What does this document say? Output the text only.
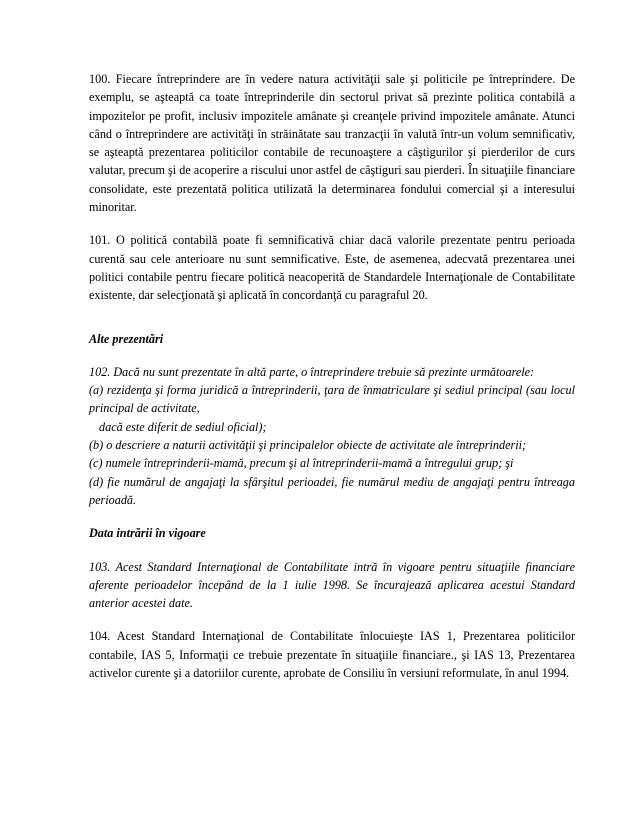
100. Fiecare întreprindere are în vedere natura activităţii sale şi politicile pe întreprindere. De exemplu, se aşteaptă ca toate întreprinderile din sectorul privat să prezinte politica contabilă a impozitelor pe profit, inclusiv impozitele amânate şi creanţele privind impozitele amânate. Atunci când o întreprindere are activităţi în străinătate sau tranzacţii în valută într-un volum semnificativ, se aşteaptă prezentarea politicilor contabile de recunoaştere a câştigurilor şi pierderilor de curs valutar, precum şi de acoperire a riscului unor astfel de câştiguri sau pierderi. În situaţiile financiare consolidate, este prezentată politica utilizată la determinarea fondului comercial şi a interesului minoritar.

101. O politică contabilă poate fi semnificativă chiar dacă valorile prezentate pentru perioada curentă sau cele anterioare nu sunt semnificative. Este, de asemenea, adecvată prezentarea unei politici contabile pentru fiecare politică neacoperită de Standardele Internaţionale de Contabilitate existente, dar selecţionată şi aplicată în concordanţă cu paragraful 20.

Alte prezentări

102. Dacă nu sunt prezentate în altă parte, o întreprindere trebuie să prezinte următoarele:

(a) rezidenţa şi forma juridică a întreprinderii, ţara de înmatriculare şi sediul principal (sau locul principal de activitate,

dacă este diferit de sediul oficial);

(b) o descriere a naturii activităţii şi principalelor obiecte de activitate ale întreprinderii;

(c) numele întreprinderii-mamă, precum şi al întreprinderii-mamă a întregului grup; şi

(d) fie numărul de angajaţi la sfârşitul perioadei, fie numărul mediu de angajaţi pentru întreaga perioadă.

Data intrării în vigoare

103. Acest Standard Internaţional de Contabilitate intră în vigoare pentru situaţiile financiare aferente perioadelor începând de la 1 iulie 1998. Se încurajează aplicarea acestui Standard anterior acestei date.

104. Acest Standard Internaţional de Contabilitate înlocuieşte IAS 1, Prezentarea politicilor contabile, IAS 5, Informaţii ce trebuie prezentate în situaţiile financiare., şi IAS 13, Prezentarea activelor curente şi a datoriilor curente, aprobate de Consiliu în versiuni reformulate, în anul 1994.
